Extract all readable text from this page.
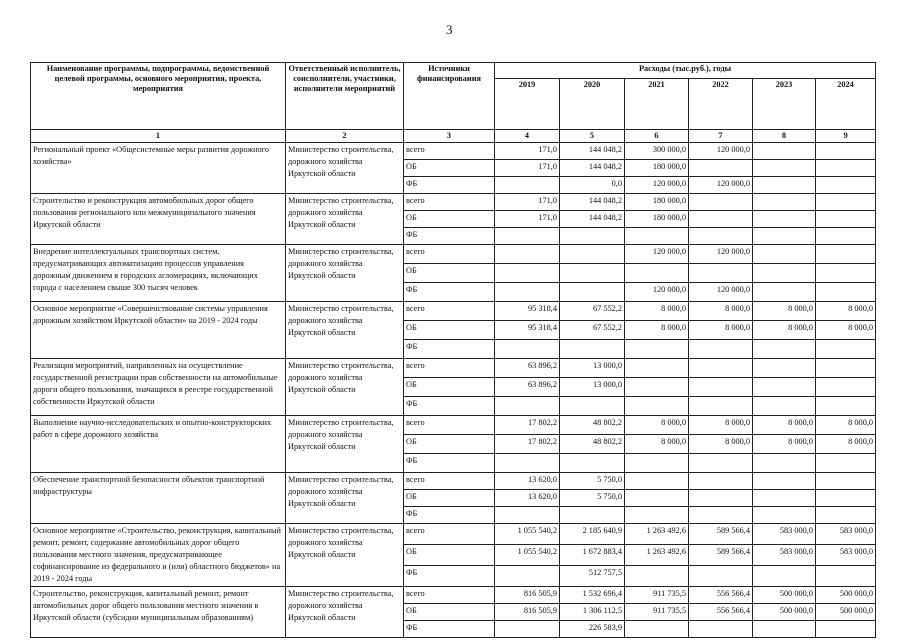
3
Наименование программы, подпрограммы, ведомственной целевой программы, основного мероприятия, проекта, мероприятия	Ответственный исполнитель, соисполнители, участники, исполнители мероприятий	Источники финансирования	Расходы (тыс.руб.), годы					
			2019	2020	2021	2022	2023	2024
1	2	3	4	5	6	7	8	9
Региональный проект «Общесистемные меры развития дорожного хозяйства»	Министерство строительства, дорожного хозяйства Иркутской области	всего	171,0	144 048,2	300 000,0	120 000,0		
		ОБ	171,0	144 048,2	180 000,0			
		ФБ		0,0	120 000,0	120 000,0		
Строительство и реконструкция автомобильных дорог общего пользования регионального или межмуниципального значения Иркутской области	Министерство строительства, дорожного хозяйства Иркутской области	всего	171,0	144 048,2	180 000,0			
		ОБ	171,0	144 048,2	180 000,0			
		ФБ						
Внедрение интеллектуальных транспортных систем, предусматривающих автоматизацию процессов управления дорожным движением в городских агломерациях, включающих города с населением свыше 300 тысяч человек	Министерство строительства, дорожного хозяйства Иркутской области	всего			120 000,0	120 000,0		
		ОБ						
		ФБ			120 000,0	120 000,0		
Основное мероприятие «Совершенствование системы управления дорожным хозяйством Иркутской области» на 2019 - 2024 годы	Министерство строительства, дорожного хозяйства Иркутской области	всего	95 318,4	67 552,2	8 000,0	8 000,0	8 000,0	8 000,0
		ОБ	95 318,4	67 552,2	8 000,0	8 000,0	8 000,0	8 000,0
		ФБ						
Реализация мероприятий, направленных на осуществление государственной регистрации прав собственности на автомобильные дороги общего пользования, значащихся в реестре государственной собственности Иркутской области	Министерство строительства, дорожного хозяйства Иркутской области	всего	63 896,2	13 000,0				
		ОБ	63 896,2	13 000,0				
		ФБ						
Выполнение научно-исследовательских и опытно-конструкторских работ в сфере дорожного хозяйства	Министерство строительства, дорожного хозяйства Иркутской области	всего	17 802,2	48 802,2	8 000,0	8 000,0	8 000,0	8 000,0
		ОБ	17 802,2	48 802,2	8 000,0	8 000,0	8 000,0	8 000,0
		ФБ						
Обеспечение транспортной безопасности объектов транспортной инфраструктуры	Министерство строительства, дорожного хозяйства Иркутской области	всего	13 620,0	5 750,0				
		ОБ	13 620,0	5 750,0				
		ФБ						
Основное мероприятие «Строительство, реконструкция, капитальный ремонт, ремонт, содержание автомобильных дорог общего пользования местного значения, предусматривающее софинансирование из федерального и (или) областного бюджетов» на 2019 - 2024 годы	Министерство строительства, дорожного хозяйства Иркутской области	всего	1 055 540,2	2 185 640,9	1 263 492,6	589 566,4	583 000,0	583 000,0
		ОБ	1 055 540,2	1 672 883,4	1 263 492,6	589 566,4	583 000,0	583 000,0
		ФБ		512 757,5				
Строительство, реконструкция, капитальный ремонт, ремонт автомобильных дорог общего пользования местного значения в Иркутской области (субсидии муниципальным образованиям)	Министерство строительства, дорожного хозяйства Иркутской области	всего	816 505,9	1 532 696,4	911 735,5	556 566,4	500 000,0	500 000,0
		ОБ	816 505,9	1 306 112,5	911 735,5	556 566,4	500 000,0	500 000,0
		ФБ		226 583,9				
